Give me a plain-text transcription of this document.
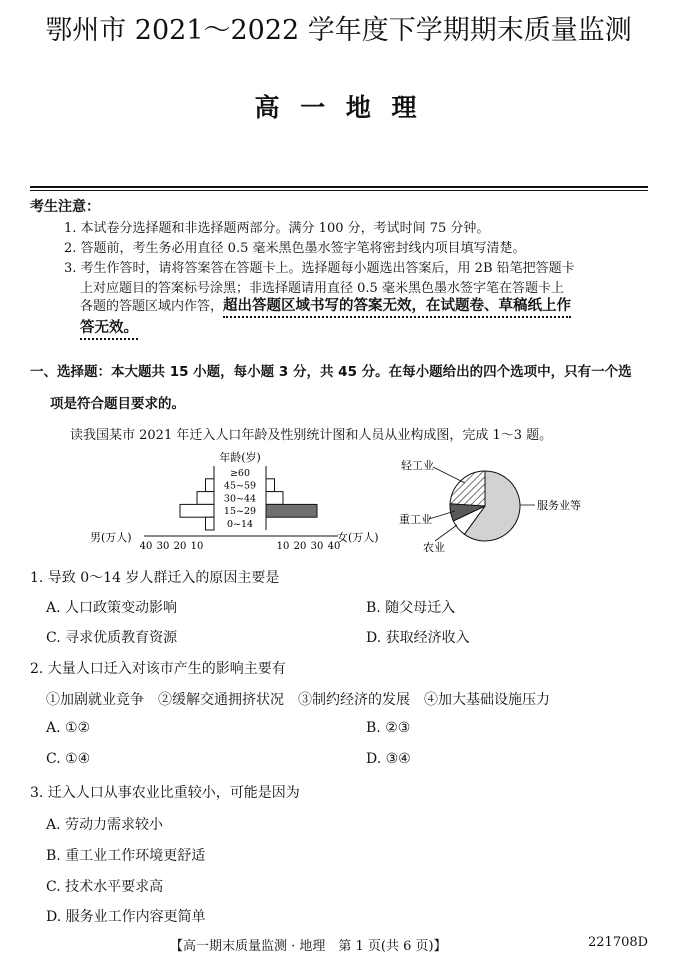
鄂州市 2021～2022 学年度下学期期末质量监测
高 一 地 理
考生注意：
1. 本试卷分选择题和非选择题两部分。满分 100 分，考试时间 75 分钟。
2. 答题前，考生务必用直径 0.5 毫米黑色墨水签字笔将密封线内项目填写清楚。
3. 考生作答时，请将答案答在答题卡上。选择题每小题选出答案后，用 2B 铅笔把答题卡
上对应题目的答案标号涂黑；非选择题请用直径 0.5 毫米黑色墨水签字笔在答题卡上
各题的答题区域内作答，超出答题区域书写的答案无效，在试题卷、草稿纸上作
答无效。
一、选择题：本大题共 15 小题，每小题 3 分，共 45 分。在每小题给出的四个选项中，只有一个选
项是符合题目要求的。
读我国某市 2021 年迁入人口年龄及性别统计图和人员从业构成图，完成 1～3 题。
年龄(岁)
≥60
45~59
30~44
15~29
0~14
40 30 20 10	10 20 30 40
男(万人)	女(万人)
轻工业
重工业
农业
服务业等
1. 导致 0～14 岁人群迁入的原因主要是
A. 人口政策变动影响	B. 随父母迁入
C. 寻求优质教育资源	D. 获取经济收入
2. 大量人口迁入对该市产生的影响主要有
①加剧就业竞争　②缓解交通拥挤状况　③制约经济的发展　④加大基础设施压力
A. ①②	B. ②③
C. ①④	D. ③④
3. 迁入人口从事农业比重较小，可能是因为
A. 劳动力需求较小
B. 重工业工作环境更舒适
C. 技术水平要求高
D. 服务业工作内容更简单
【高一期末质量监测 · 地理　第 1 页(共 6 页)】	221708D
